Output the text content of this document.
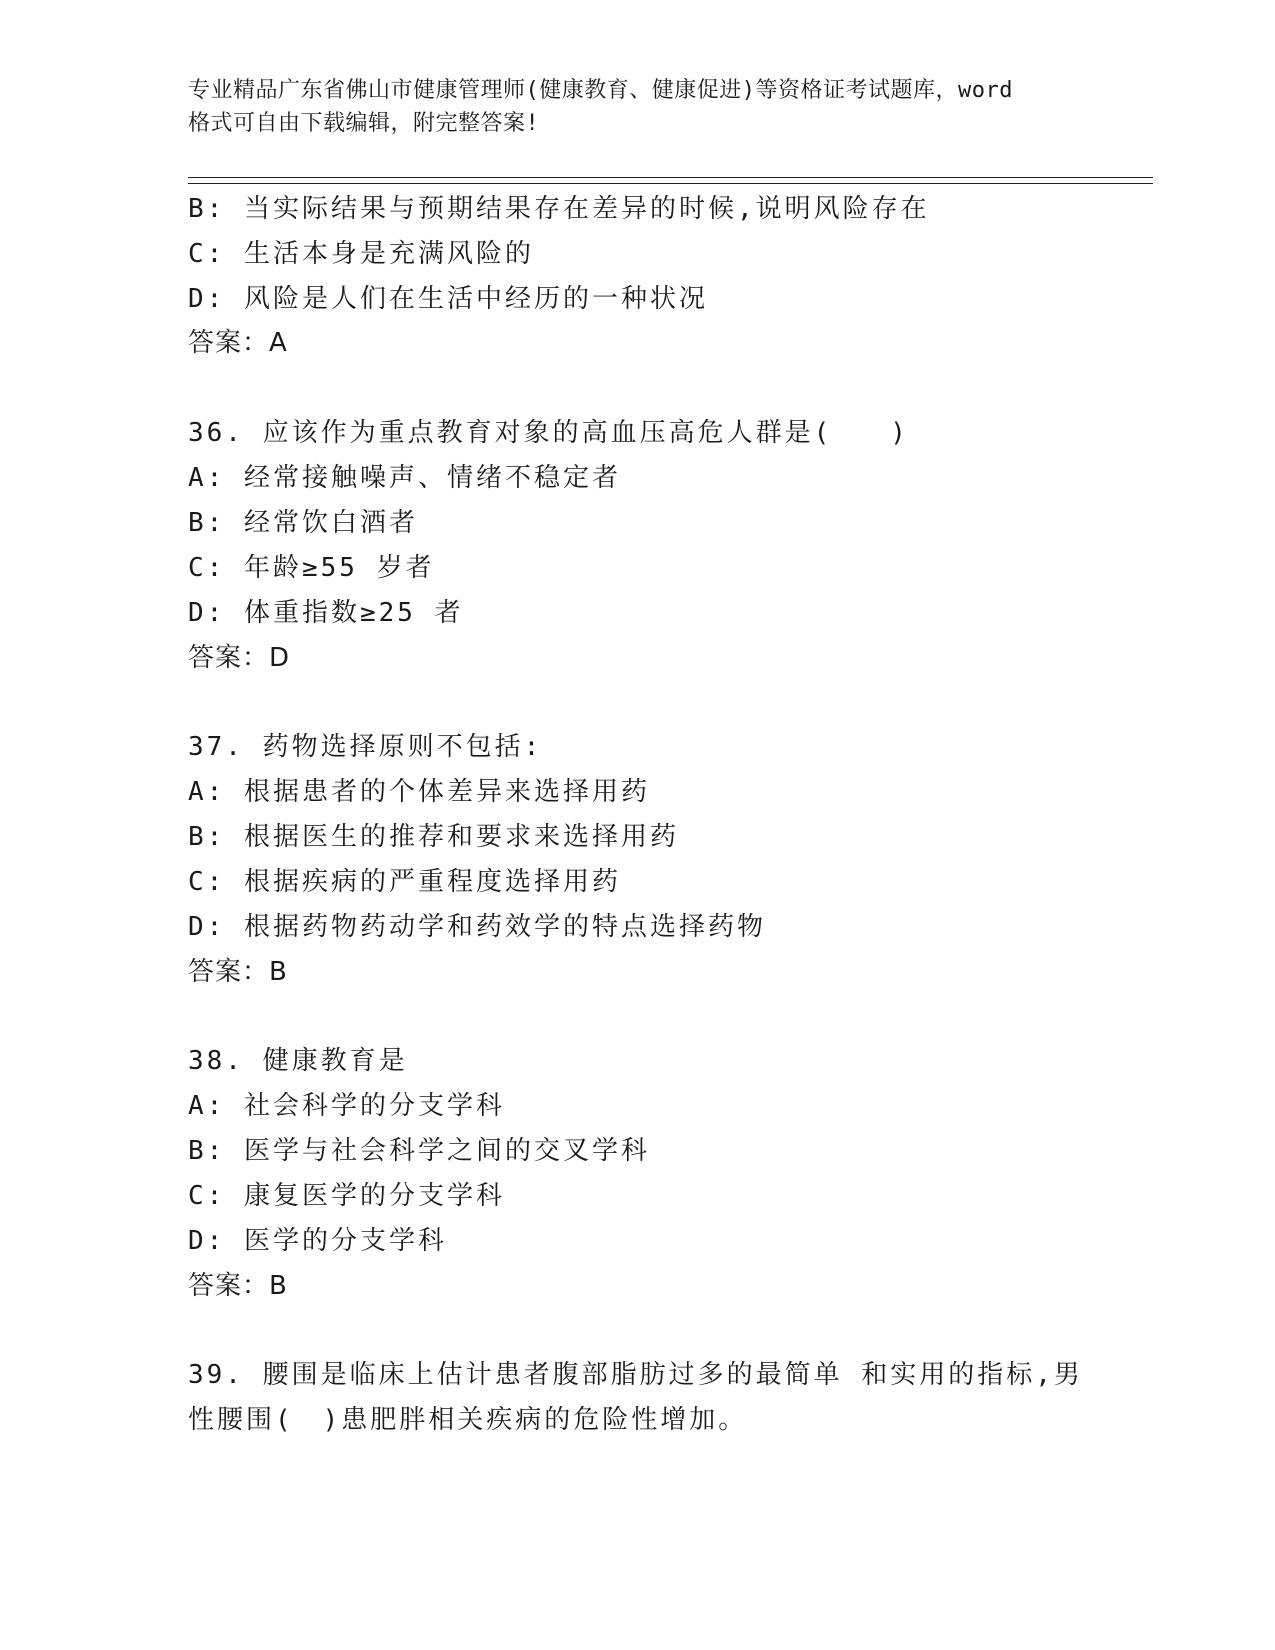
专业精品广东省佛山市健康管理师(健康教育、健康促进)等资格证考试题库，word
格式可自由下载编辑，附完整答案!
B: 当实际结果与预期结果存在差异的时候,说明风险存在
C: 生活本身是充满风险的
D: 风险是人们在生活中经历的一种状况
答案：A
36. 应该作为重点教育对象的高血压高危人群是(　　)
A: 经常接触噪声、情绪不稳定者
B: 经常饮白酒者
C: 年龄≥55 岁者
D: 体重指数≥25 者
答案：D
37. 药物选择原则不包括:
A: 根据患者的个体差异来选择用药
B: 根据医生的推荐和要求来选择用药
C: 根据疾病的严重程度选择用药
D: 根据药物药动学和药效学的特点选择药物
答案：B
38. 健康教育是
A: 社会科学的分支学科
B: 医学与社会科学之间的交叉学科
C: 康复医学的分支学科
D: 医学的分支学科
答案：B
39. 腰围是临床上估计患者腹部脂肪过多的最简单 和实用的指标,男
性腰围(　)患肥胖相关疾病的危险性增加。
